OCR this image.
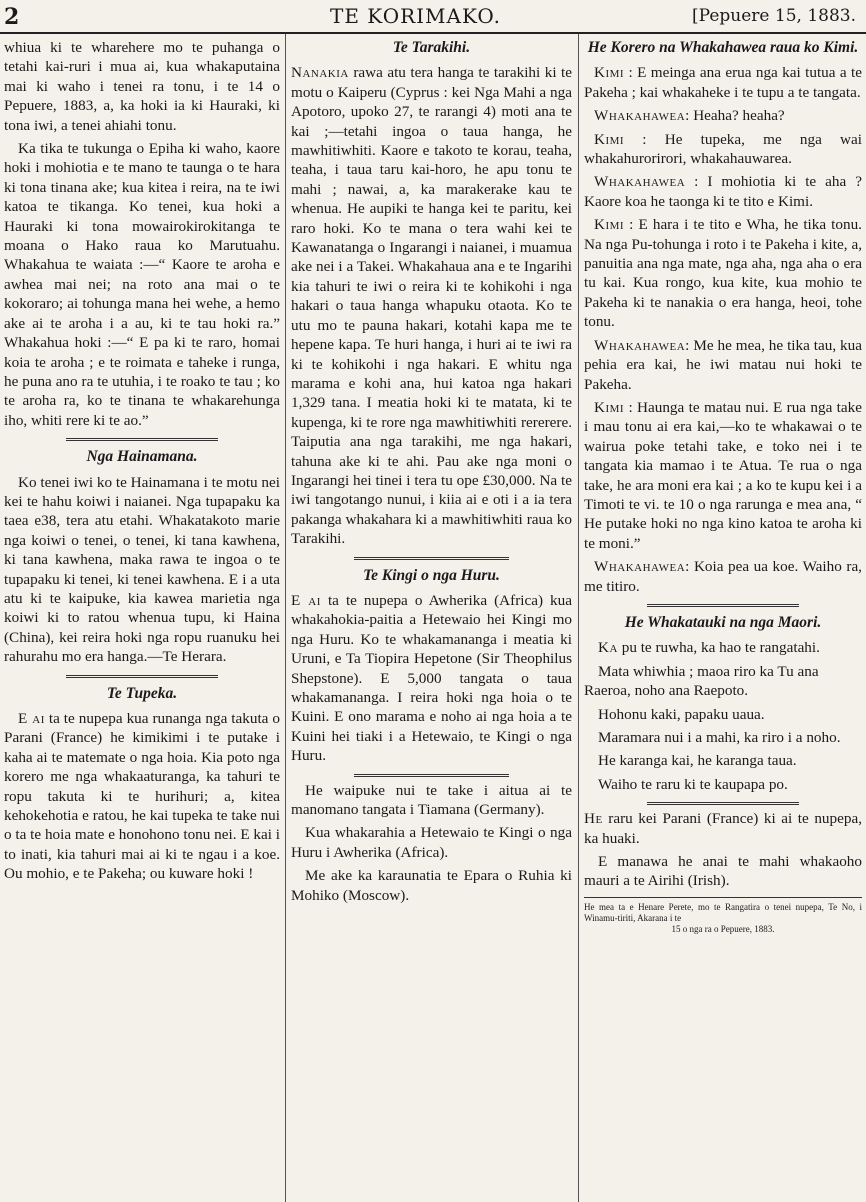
2	TE KORIMAKO.	[Pepuere 15, 1883.

whiua ki te wharehere mo te puhanga o tetahi kai-ruri i mua ai, kua whakaputaina mai ki waho i tenei ra tonu, i te 14 o Pepuere, 1883, a, ka hoki ia ki Hauraki, ki tona iwi, a tenei ahiahi tonu.

Ka tika te tukunga o Epiha ki waho, kaore hoki i mohiotia e te mano te taunga o te hara ki tona tinana ake; kua kitea i reira, na te iwi katoa te tikanga. Ko tenei, kua hoki a Hauraki ki tona mowairokirokitanga te moana o Hako raua ko Marutuahu. Whakahua te waiata :—“ Kaore te aroha e awhea mai nei; na roto ana mai o te kokoraro; ai tohunga mana hei wehe, a hemo ake ai te aroha i a au, ki te tau hoki ra.” Whakahua hoki :—“ E pa ki te raro, homai koia te aroha ; e te roimata e taheke i runga, he puna ano ra te utuhia, i te roako te tau ; ko te aroha ra, ko te tinana te whakarehunga iho, whiti rere ki te ao.”

Nga Hainamana.

Ko tenei iwi ko te Hainamana i te motu nei kei te hahu koiwi i naianei. Nga tupapaku ka taea e38, tera atu etahi. Whakatakoto marie nga koiwi o tenei, o tenei, ki tana kawhena, ki tana kawhena, maka rawa te ingoa o te tupapaku ki tenei, ki tenei kawhena. E i a uta atu ki te kaipuke, kia kawea marietia nga koiwi ki to ratou whenua tupu, ki Haina (China), kei reira hoki nga ropu ruanuku hei rahurahu mo era hanga.—Te Herara.

Te Tupeka.

E ai ta te nupepa kua runanga nga takuta o Parani (France) he kimikimi i te putake i kaha ai te matemate o nga hoia. Kia poto nga korero me nga whakaaturanga, ka tahuri te ropu takuta ki te hurihuri; a, kitea kehokehotia e ratou, he kai tupeka te take nui o ta te hoia mate e honohono tonu nei. E kai i to inati, kia tahuri mai ai ki te ngau i a koe. Ou mohio, e te Pakeha; ou kuware hoki !

Te Tarakihi.

Nanakia rawa atu tera hanga te tarakihi ki te motu o Kaiperu (Cyprus : kei Nga Mahi a nga Apotoro, upoko 27, te rarangi 4) moti ana te kai ;—tetahi ingoa o taua hanga, he mawhitiwhiti. Kaore e takoto te korau, teaha, teaha, i taua taru kai-horo, he apu tonu te mahi ; nawai, a, ka marakerake kau te whenua. He aupiki te hanga kei te paritu, kei raro hoki. Ko te mana o tera wahi kei te Kawanatanga o Ingarangi i naianei, i muamua ake nei i a Takei. Whakahaua ana e te Ingarihi kia tahuri te iwi o reira ki te kohikohi i nga hakari o taua hanga whapuku otaota. Ko te utu mo te pauna hakari, kotahi kapa me te hepene kapa. Te huri hanga, i huri ai te iwi ra ki te kohikohi i nga hakari. E whitu nga marama e kohi ana, hui katoa nga hakari 1,329 tana. I meatia hoki ki te matata, ki te kupenga, ki te rore nga mawhitiwhiti rererere. Taiputia ana nga tarakihi, me nga hakari, tahuna ake ki te ahi. Pau ake nga moni o Ingarangi hei tinei i tera tu ope £30,000. Na te iwi tangotango nunui, i kiia ai e oti i a ia tera pakanga whakahara ki a mawhitiwhiti raua ko Tarakihi.

Te Kingi o nga Huru.

E ai ta te nupepa o Awherika (Africa) kua whakahokia-paitia a Hetewaio hei Kingi mo nga Huru. Ko te whakamananga i meatia ki Uruni, e Ta Tiopira Hepetone (Sir Theophilus Shepstone). E 5,000 tangata o taua whakamananga. I reira hoki nga hoia o te Kuini. E ono marama e noho ai nga hoia a te Kuini hei tiaki i a Hetewaio, te Kingi o nga Huru.

He waipuke nui te take i aitua ai te manomano tangata i Tiamana (Germany).

Kua whakarahia a Hetewaio te Kingi o nga Huru i Awherika (Africa).

Me ake ka karaunatia te Epara o Ruhia ki Mohiko (Moscow).

He Korero na Whakahawea raua ko Kimi.

Kimi : E meinga ana erua nga kai tutua a te Pakeha ; kai whakaheke i te tupu a te tangata.

Whakahawea: Heaha? heaha?

Kimi : He tupeka, me nga wai whakahurorirori, whakahauwarea.

Whakahawea : I mohiotia ki te aha ? Kaore koa he taonga ki te tito e Kimi.

Kimi : E hara i te tito e Wha, he tika tonu. Na nga Pu-tohunga i roto i te Pakeha i kite, a, panuitia ana nga mate, nga aha, nga aha o era tu kai. Kua rongo, kua kite, kua mohio te Pakeha ki te nanakia o era hanga, heoi, tohe tonu.

Whakahawea: Me he mea, he tika tau, kua pehia era kai, he iwi matau nui hoki te Pakeha.

Kimi : Haunga te matau nui. E rua nga take i mau tonu ai era kai,—ko te whakawai o te wairua poke tetahi take, e toko nei i te tangata kia mamao i te Atua. Te rua o nga take, he ara moni era kai ; a ko te kupu kei i a Timoti te vi. te 10 o nga rarunga e mea ana, “ He putake hoki no nga kino katoa te aroha ki te moni.”

Whakahawea: Koia pea ua koe. Waiho ra, me titiro.

He Whakatauki na nga Maori.

Ka pu te ruwha, ka hao te rangatahi.

Mata whiwhia ; maoa riro ka Tu ana Raeroa, noho ana Raepoto.

Hohonu kaki, papaku uaua.

Maramara nui i a mahi, ka riro i a noho.

He karanga kai, he karanga taua.

Waiho te raru ki te kaupapa po.

He raru kei Parani (France) ki ai te nupepa, ka huaki.

E manawa he anai te mahi whakaoho mauri a te Airihi (Irish).

He mea ta e Henare Perete, mo te Rangatira o tenei nupepa, Te No, i Winamu-tiriti, Akarana i te
15 o nga ra o Pepuere, 1883.
